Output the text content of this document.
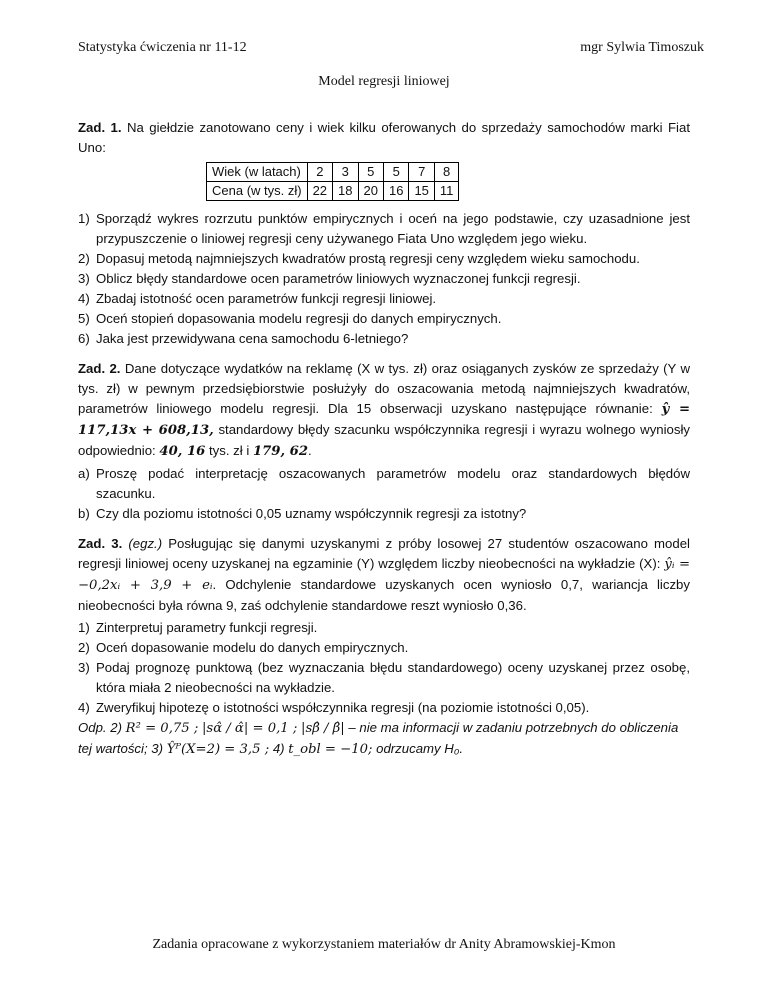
Statystyka ćwiczenia nr 11-12	mgr Sylwia Timoszuk
Model regresji liniowej

Zad. 1. Na giełdzie zanotowano ceny i wiek kilku oferowanych do sprzedaży samochodów marki Fiat Uno:

Wiek (w latach)	2	3	5	5	7	8
Cena (w tys. zł)	22	18	20	16	15	11
1) Sporządź wykres rozrzutu punktów empirycznych i oceń na jego podstawie, czy uzasadnione jest przypuszczenie o liniowej regresji ceny używanego Fiata Uno względem jego wieku.
2) Dopasuj metodą najmniejszych kwadratów prostą regresji ceny względem wieku samochodu.
3) Oblicz błędy standardowe ocen parametrów liniowych wyznaczonej funkcji regresji.
4) Zbadaj istotność ocen parametrów funkcji regresji liniowej.
5) Oceń stopień dopasowania modelu regresji do danych empirycznych.
6) Jaka jest przewidywana cena samochodu 6-letniego?

Zad. 2. Dane dotyczące wydatków na reklamę (X w tys. zł) oraz osiąganych zysków ze sprzedaży (Y w tys. zł) w pewnym przedsiębiorstwie posłużyły do oszacowania metodą najmniejszych kwadratów, parametrów liniowego modelu regresji. Dla 15 obserwacji uzyskano następujące równanie: ŷ = 117,13x + 608,13, standardowy błędy szacunku współczynnika regresji i wyrazu wolnego wyniosły odpowiednio: 40, 16 tys. zł i 179, 62.

a) Proszę podać interpretację oszacowanych parametrów modelu oraz standardowych błędów szacunku.
b) Czy dla poziomu istotności 0,05 uznamy współczynnik regresji za istotny?

Zad. 3. (egz.) Posługując się danymi uzyskanymi z próby losowej 27 studentów oszacowano model regresji liniowej oceny uzyskanej na egzaminie (Y) względem liczby nieobecności na wykładzie (X): ŷᵢ = −0,2xᵢ + 3,9 + eᵢ. Odchylenie standardowe uzyskanych ocen wyniosło 0,7, wariancja liczby nieobecności była równa 9, zaś odchylenie standardowe reszt wyniosło 0,36.

1) Zinterpretuj parametry funkcji regresji.
2) Oceń dopasowanie modelu do danych empirycznych.
3) Podaj prognozę punktową (bez wyznaczania błędu standardowego) oceny uzyskanej przez osobę, która miała 2 nieobecności na wykładzie.
4) Zweryfikuj hipotezę o istotności współczynnika regresji (na poziomie istotności 0,05).

Odp. 2) R² = 0,75 ; |sα̂ / α̂| = 0,1 ; |sβ̂ / β̂| – nie ma informacji w zadaniu potrzebnych do obliczenia tej wartości; 3) Ŷᴾ(X=2) = 3,5 ; 4) t_obl = −10; odrzucamy H₀.

Zadania opracowane z wykorzystaniem materiałów dr Anity Abramowskiej-Kmon
